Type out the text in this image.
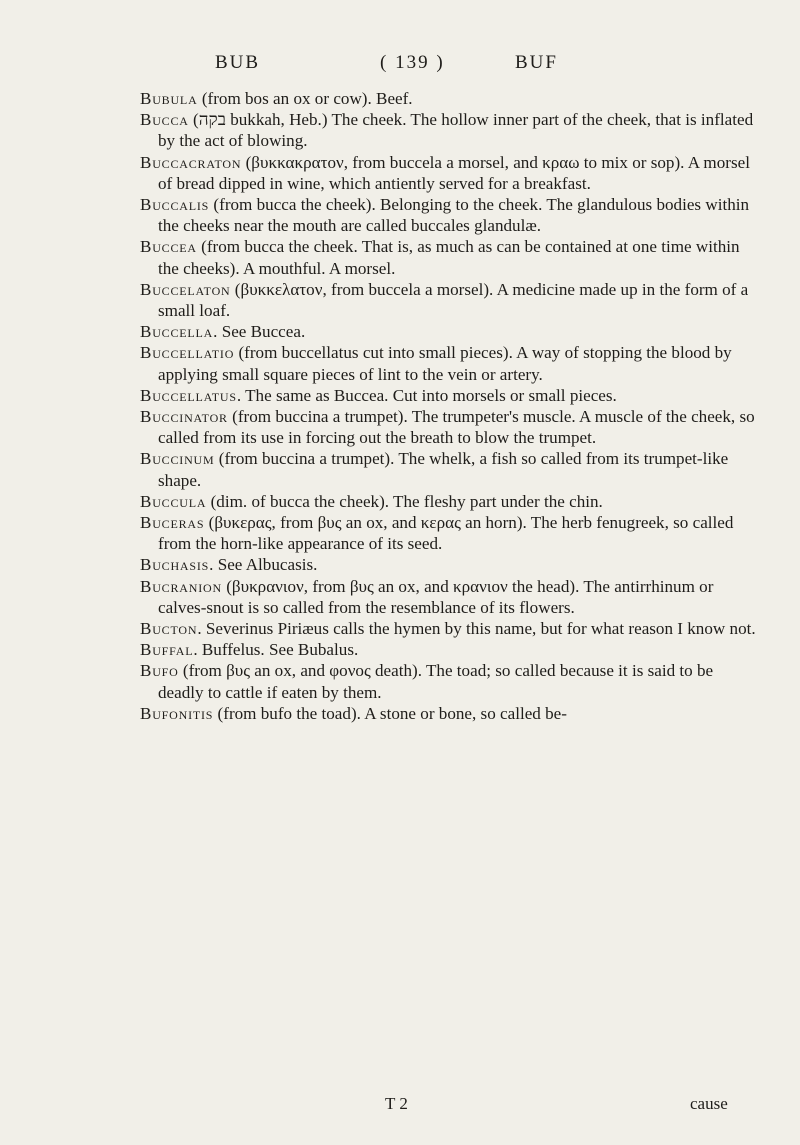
BUB	( 139 )	BUF

Bubula (from bos an ox or cow). Beef.

Bucca (בקה bukkah, Heb.) The cheek. The hollow inner part of the cheek, that is inflated by the act of blowing.

Buccacraton (βυκκακρατον, from buccela a morsel, and κραω to mix or sop). A morsel of bread dipped in wine, which antiently served for a breakfast.

Buccalis (from bucca the cheek). Belonging to the cheek. The glandulous bodies within the cheeks near the mouth are called buccales glandulæ.

Buccea (from bucca the cheek. That is, as much as can be contained at one time within the cheeks). A mouthful. A morsel.

Buccelaton (βυκκελατον, from buccela a morsel). A medicine made up in the form of a small loaf.

Buccella. See Buccea.

Buccellatio (from buccellatus cut into small pieces). A way of stopping the blood by applying small square pieces of lint to the vein or artery.

Buccellatus. The same as Buccea. Cut into morsels or small pieces.

Buccinator (from buccina a trumpet). The trumpeter's muscle. A muscle of the cheek, so called from its use in forcing out the breath to blow the trumpet.

Buccinum (from buccina a trumpet). The whelk, a fish so called from its trumpet-like shape.

Buccula (dim. of bucca the cheek). The fleshy part under the chin.

Buceras (βυκερας, from βυς an ox, and κερας an horn). The herb fenugreek, so called from the horn-like appearance of its seed.

Buchasis. See Albucasis.

Bucranion (βυκρανιον, from βυς an ox, and κρανιον the head). The antirrhinum or calves-snout is so called from the resemblance of its flowers.

Bucton. Severinus Piriæus calls the hymen by this name, but for what reason I know not.

Buffal. Buffelus. See Bubalus.

Bufo (from βυς an ox, and φονος death). The toad; so called because it is said to be deadly to cattle if eaten by them.

Bufonitis (from bufo the toad). A stone or bone, so called be-

T 2	cause
